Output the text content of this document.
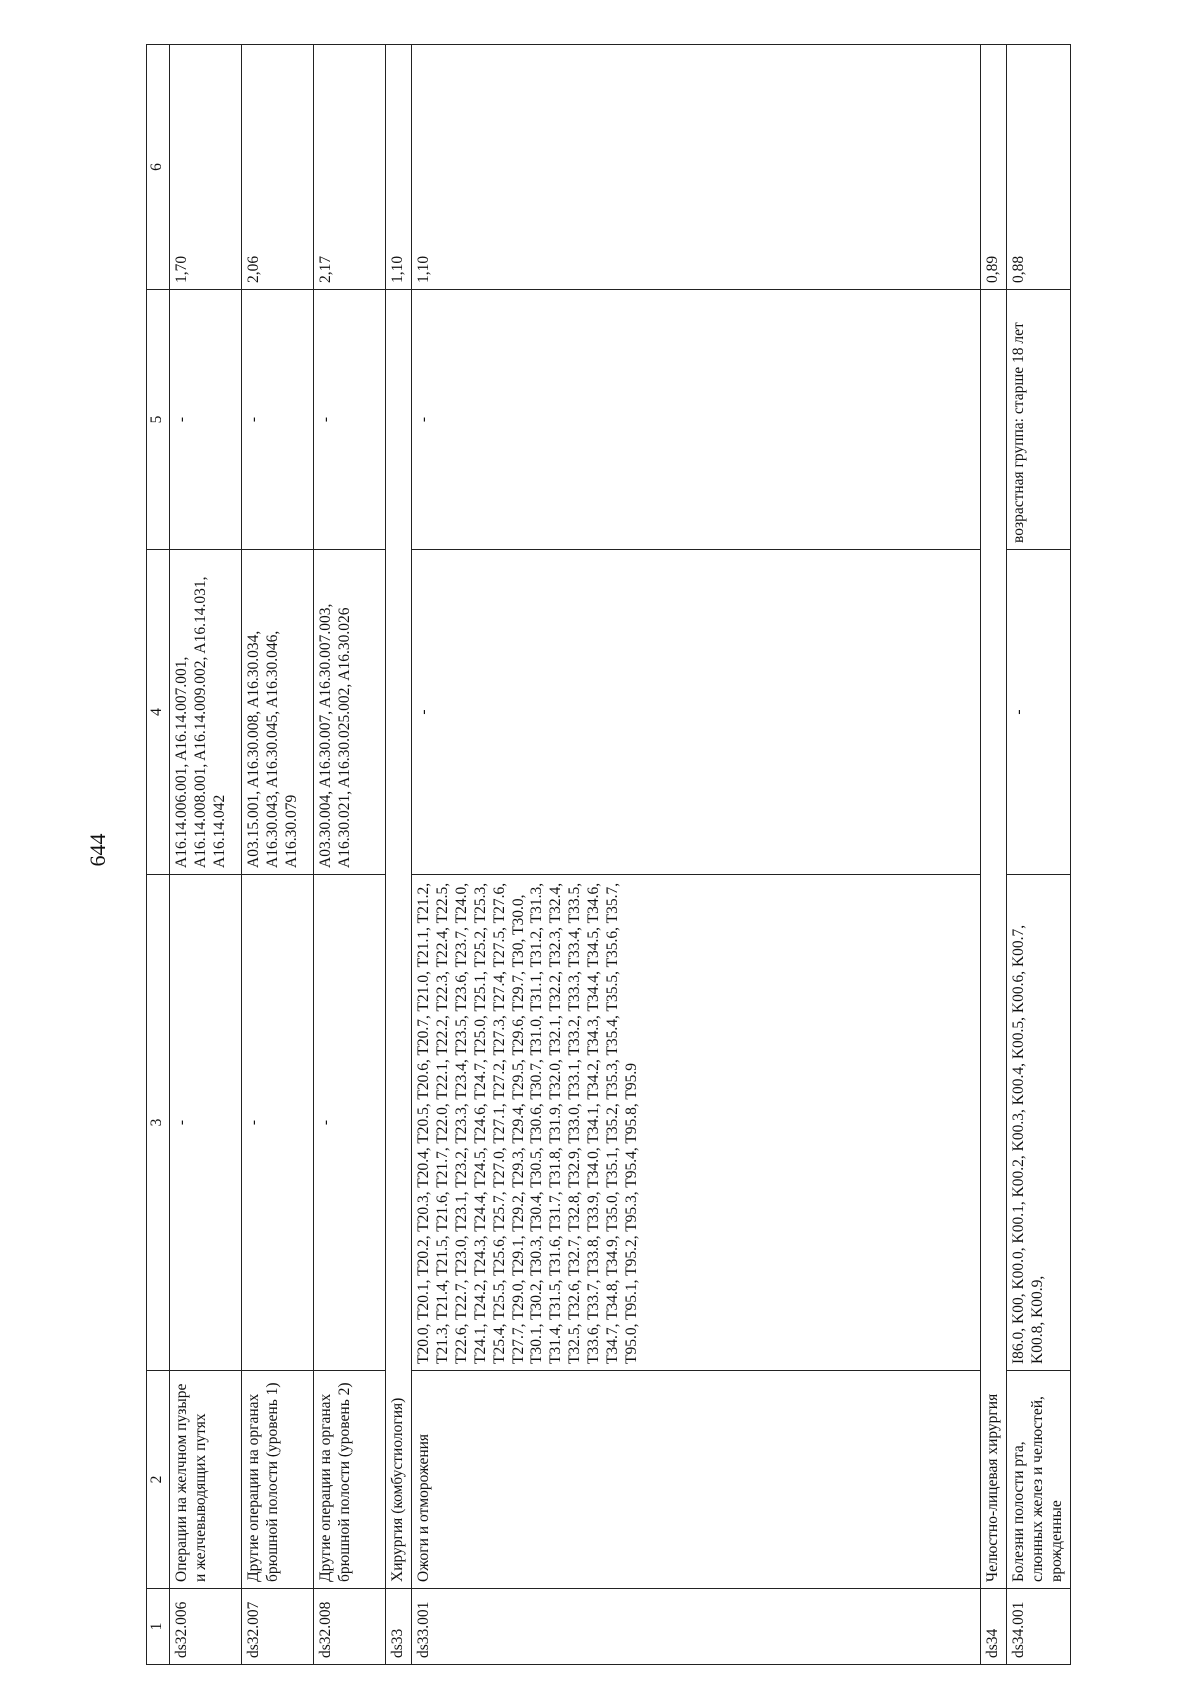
644
1	2	3	4	5	6
ds32.006	Операции на желчном пузыре и желчевыводящих путях	-	A16.14.006.001, A16.14.007.001, A16.14.008.001, A16.14.009.002, A16.14.031, A16.14.042	-	1,70
ds32.007	Другие операции на органах брюшной полости (уровень 1)	-	A03.15.001, A16.30.008, A16.30.034, A16.30.043, A16.30.045, A16.30.046, A16.30.079	-	2,06
ds32.008	Другие операции на органах брюшной полости (уровень 2)	-	A03.30.004, A16.30.007, A16.30.007.003, A16.30.021, A16.30.025.002, A16.30.026	-	2,17
ds33	Хирургия (комбустиология)				1,10
ds33.001	Ожоги и отморожения	T20.0, T20.1, T20.2, T20.3, T20.4, T20.5, T20.6, T20.7, T21.0, T21.1, T21.2, T21.3, T21.4, T21.5, T21.6, T21.7, T22.0, T22.1, T22.2, T22.3, T22.4, T22.5, T22.6, T22.7, T23.0, T23.1, T23.2, T23.3, T23.4, T23.5, T23.6, T23.7, T24.0, T24.1, T24.2, T24.3, T24.4, T24.5, T24.6, T24.7, T25.0, T25.1, T25.2, T25.3, T25.4, T25.5, T25.6, T25.7, T27.0, T27.1, T27.2, T27.3, T27.4, T27.5, T27.6, T27.7, T29.0, T29.1, T29.2, T29.3, T29.4, T29.5, T29.6, T29.7, T30, T30.0, T30.1, T30.2, T30.3, T30.4, T30.5, T30.6, T30.7, T31.0, T31.1, T31.2, T31.3, T31.4, T31.5, T31.6, T31.7, T31.8, T31.9, T32.0, T32.1, T32.2, T32.3, T32.4, T32.5, T32.6, T32.7, T32.8, T32.9, T33.0, T33.1, T33.2, T33.3, T33.4, T33.5, T33.6, T33.7, T33.8, T33.9, T34.0, T34.1, T34.2, T34.3, T34.4, T34.5, T34.6, T34.7, T34.8, T34.9, T35.0, T35.1, T35.2, T35.3, T35.4, T35.5, T35.6, T35.7, T95.0, T95.1, T95.2, T95.3, T95.4, T95.8, T95.9	-	-	1,10
ds34	Челюстно-лицевая хирургия				0,89
ds34.001	Болезни полости рта, слюнных желез и челюстей, врожденные	I86.0, K00, K00.0, K00.1, K00.2, K00.3, K00.4, K00.5, K00.6, K00.7, K00.8, K00.9,	-	возрастная группа: старше 18 лет	0,88
